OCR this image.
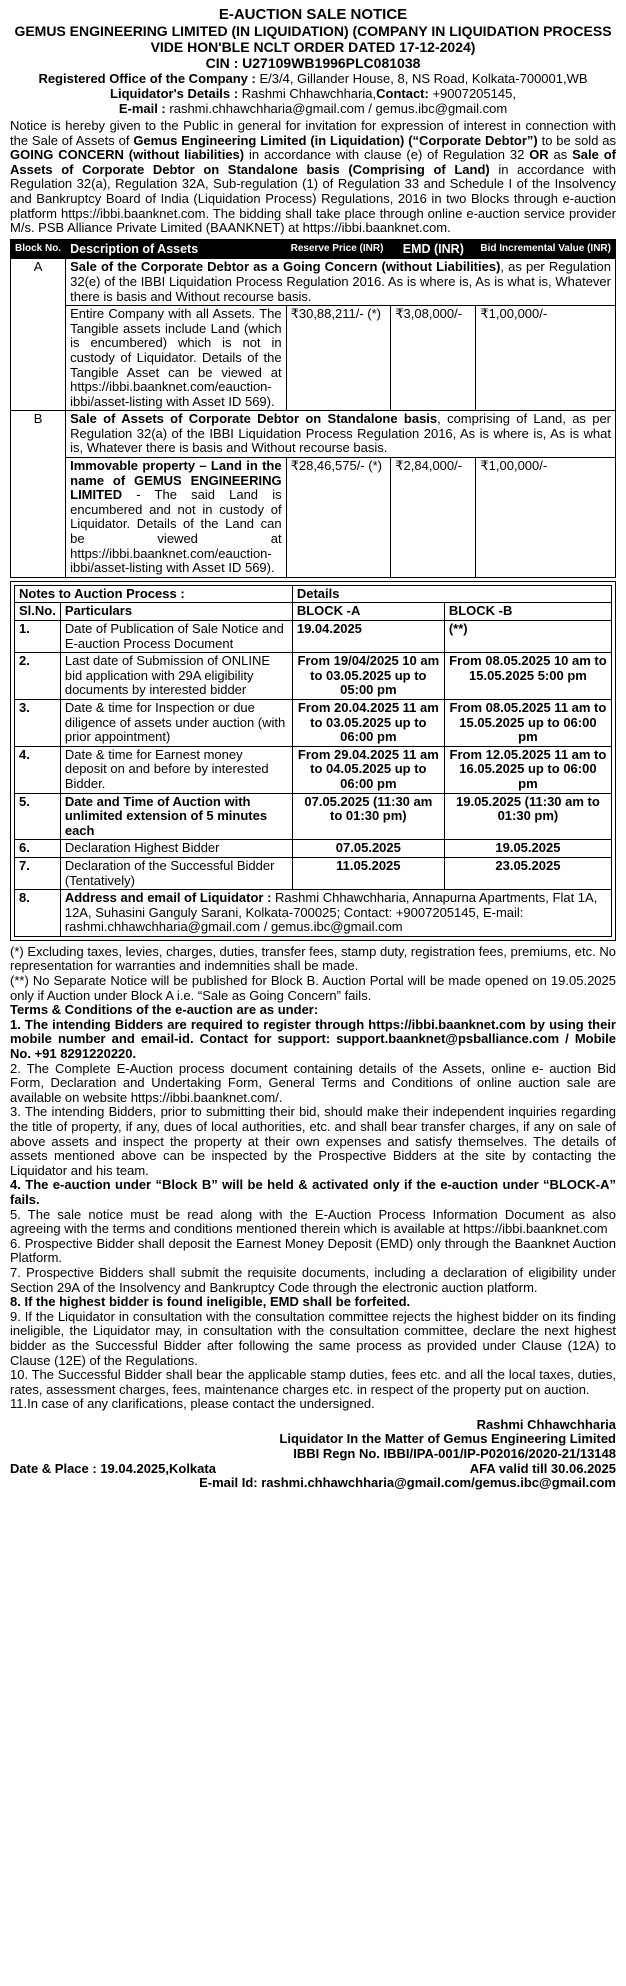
E-AUCTION SALE NOTICE
GEMUS ENGINEERING LIMITED (IN LIQUIDATION) (COMPANY IN LIQUIDATION PROCESS VIDE HON'BLE NCLT ORDER DATED 17-12-2024)
CIN : U27109WB1996PLC081038
Registered Office of the Company : E/3/4, Gillander House, 8, NS Road, Kolkata-700001,WB
Liquidator's Details : Rashmi Chhawchharia,Contact: +9007205145,
E-mail : rashmi.chhawchharia@gmail.com / gemus.ibc@gmail.com

Notice is hereby given to the Public in general for invitation for expression of interest in connection with the Sale of Assets of Gemus Engineering Limited (in Liquidation) (“Corporate Debtor”) to be sold as GOING CONCERN (without liabilities) in accordance with clause (e) of Regulation 32 OR as Sale of Assets of Corporate Debtor on Standalone basis (Comprising of Land) in accordance with Regulation 32(a), Regulation 32A, Sub-regulation (1) of Regulation 33 and Schedule I of the Insolvency and Bankruptcy Board of India (Liquidation Process) Regulations, 2016 in two Blocks through e-auction platform https://ibbi.baanknet.com. The bidding shall take place through online e-auction service provider M/s. PSB Alliance Private Limited (BAANKNET) at https://ibbi.baanknet.com.

Block No.	Description of Assets	Reserve Price (INR)	EMD (INR)	Bid Incremental Value (INR)
A	Sale of the Corporate Debtor as a Going Concern (without Liabilities), as per Regulation 32(e) of the IBBI Liquidation Process Regulation 2016. As is where is, As is what is, Whatever there is basis and Without recourse basis.			
	Entire Company with all Assets. The Tangible assets include Land (which is encumbered) which is not in custody of Liquidator. Details of the Tangible Asset can be viewed at https://ibbi.baanknet.com/eauction-ibbi/asset-listing with Asset ID 569).	₹30,88,211/- (*)	₹3,08,000/-	₹1,00,000/-
B	Sale of Assets of Corporate Debtor on Standalone basis, comprising of Land, as per Regulation 32(a) of the IBBI Liquidation Process Regulation 2016, As is where is, As is what is, Whatever there is basis and Without recourse basis.			
	Immovable property – Land in the name of GEMUS ENGINEERING LIMITED - The said Land is encumbered and not in custody of Liquidator. Details of the Land can be viewed at https://ibbi.baanknet.com/eauction-ibbi/asset-listing with Asset ID 569).	₹28,46,575/- (*)	₹2,84,000/-	₹1,00,000/-
Notes to Auction Process :		Details	
Sl.No.	Particulars	BLOCK -A	BLOCK -B
1.	Date of Publication of Sale Notice and E-auction Process Document	19.04.2025	(**)
2.	Last date of Submission of ONLINE bid application with 29A eligibility documents by interested bidder	From 19/04/2025 10 am to 03.05.2025 up to 05:00 pm	From 08.05.2025 10 am to 15.05.2025 5:00 pm
3.	Date & time for Inspection or due diligence of assets under auction (with prior appointment)	From 20.04.2025 11 am to 03.05.2025 up to 06:00 pm	From 08.05.2025 11 am to 15.05.2025 up to 06:00 pm
4.	Date & time for Earnest money deposit on and before by interested Bidder.	From 29.04.2025 11 am to 04.05.2025 up to 06:00 pm	From 12.05.2025 11 am to 16.05.2025 up to 06:00 pm
5.	Date and Time of Auction with unlimited extension of 5 minutes each	07.05.2025 (11:30 am to 01:30 pm)	19.05.2025 (11:30 am to 01:30 pm)
6.	Declaration Highest Bidder	07.05.2025	19.05.2025
7.	Declaration of the Successful Bidder (Tentatively)	11.05.2025	23.05.2025
8.	Address and email of Liquidator : Rashmi Chhawchharia, Annapurna Apartments, Flat 1A, 12A, Suhasini Ganguly Sarani, Kolkata-700025; Contact: +9007205145, E-mail: rashmi.chhawchharia@gmail.com / gemus.ibc@gmail.com		

(*) Excluding taxes, levies, charges, duties, transfer fees, stamp duty, registration fees, premiums, etc. No representation for warranties and indemnities shall be made.

(**) No Separate Notice will be published for Block B. Auction Portal will be made opened on 19.05.2025 only if Auction under Block A i.e. “Sale as Going Concern” fails.

Terms & Conditions of the e-auction are as under:

1. The intending Bidders are required to register through https://ibbi.baanknet.com by using their mobile number and email-id. Contact for support: support.baanknet@psballiance.com / Mobile No. +91 8291220220.

2. The Complete E-Auction process document containing details of the Assets, online e- auction Bid Form, Declaration and Undertaking Form, General Terms and Conditions of online auction sale are available on website https://ibbi.baanknet.com/.

3. The intending Bidders, prior to submitting their bid, should make their independent inquiries regarding the title of property, if any, dues of local authorities, etc. and shall bear transfer charges, if any on sale of above assets and inspect the property at their own expenses and satisfy themselves. The details of assets mentioned above can be inspected by the Prospective Bidders at the site by contacting the Liquidator and his team.

4. The e-auction under “Block B” will be held & activated only if the e-auction under “BLOCK-A” fails.

5. The sale notice must be read along with the E-Auction Process Information Document as also agreeing with the terms and conditions mentioned therein which is available at https://ibbi.baanknet.com

6. Prospective Bidder shall deposit the Earnest Money Deposit (EMD) only through the Baanknet Auction Platform.

7. Prospective Bidders shall submit the requisite documents, including a declaration of eligibility under Section 29A of the Insolvency and Bankruptcy Code through the electronic auction platform.

8. If the highest bidder is found ineligible, EMD shall be forfeited.

9. If the Liquidator in consultation with the consultation committee rejects the highest bidder on its finding ineligible, the Liquidator may, in consultation with the consultation committee, declare the next highest bidder as the Successful Bidder after following the same process as provided under Clause (12A) to Clause (12E) of the Regulations.

10. The Successful Bidder shall bear the applicable stamp duties, fees etc. and all the local taxes, duties, rates, assessment charges, fees, maintenance charges etc. in respect of the property put on auction.

11.In case of any clarifications, please contact the undersigned.

Rashmi Chhawchharia
Liquidator In the Matter of Gemus Engineering Limited
IBBI Regn No. IBBI/IPA-001/IP-P02016/2020-21/13148
Date & Place : 19.04.2025,Kolkata	AFA valid till 30.06.2025
E-mail Id: rashmi.chhawchharia@gmail.com/gemus.ibc@gmail.com
